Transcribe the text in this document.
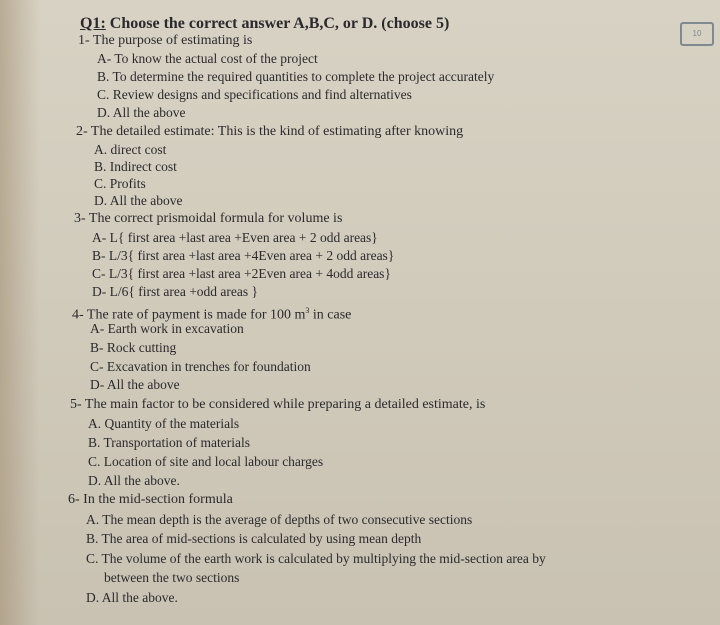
10
Q1: Choose the correct answer A,B,C, or D. (choose 5)
1- The purpose of estimating is
A- To know the actual cost of the project
B. To determine the required quantities to complete the project accurately
C. Review designs and specifications and find alternatives
D. All the above
2- The detailed estimate: This is the kind of estimating after knowing
A. direct cost
B. Indirect cost
C. Profits
D. All the above
3- The correct prismoidal formula for volume is
A- L{ first area +last area +Even area + 2 odd areas}
B- L/3{ first area +last area +4Even area + 2 odd areas}
C- L/3{ first area +last area +2Even area + 4odd areas}
D- L/6{ first area +odd areas }
4- The rate of payment is made for 100 $m^3$ in case
A- Earth work in excavation
B- Rock cutting
C- Excavation in trenches for foundation
D- All the above
5- The main factor to be considered while preparing a detailed estimate, is
A. Quantity of the materials
B. Transportation of materials
C. Location of site and local labour charges
D. All the above.
6- In the mid-section formula
A. The mean depth is the average of depths of two consecutive sections
B. The area of mid-sections is calculated by using mean depth
C. The volume of the earth work is calculated by multiplying the mid-section area by
between the two sections
D. All the above.
